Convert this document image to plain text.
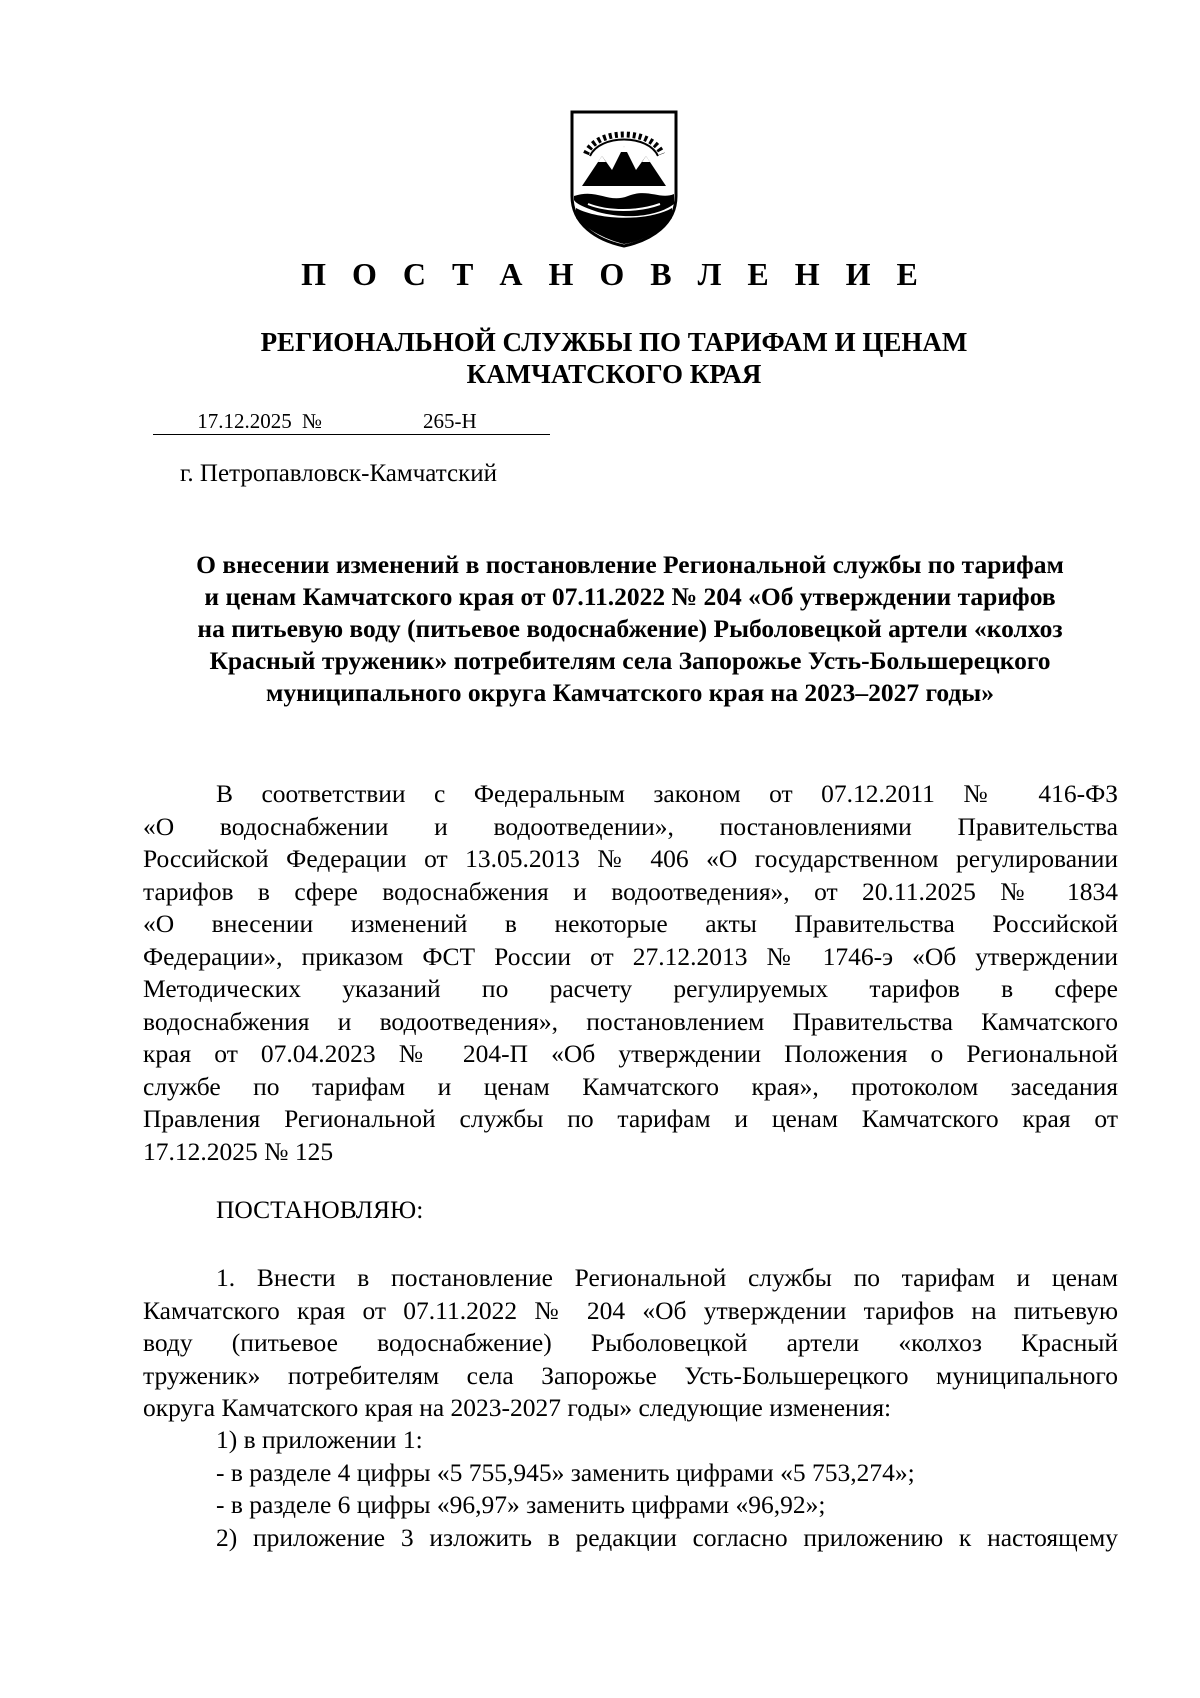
П О С Т А Н О В Л Е Н И Е
РЕГИОНАЛЬНОЙ СЛУЖБЫ ПО ТАРИФАМ И ЦЕНАМ
КАМЧАТСКОГО КРАЯ
17.12.2025 №	265-Н
г. Петропавловск-Камчатский
О внесении изменений в постановление Региональной службы по тарифам
и ценам Камчатского края от 07.11.2022 № 204 «Об утверждении тарифов
на питьевую воду (питьевое водоснабжение) Рыболовецкой артели «колхоз
Красный труженик» потребителям села Запорожье Усть-Большерецкого
муниципального округа Камчатского края на 2023–2027 годы»
В соответствии с Федеральным законом от 07.12.2011 № 416-ФЗ
«О водоснабжении и водоотведении», постановлениями Правительства
Российской Федерации от 13.05.2013 № 406 «О государственном регулировании
тарифов в сфере водоснабжения и водоотведения», от 20.11.2025 № 1834
«О внесении изменений в некоторые акты Правительства Российской
Федерации», приказом ФСТ России от 27.12.2013 № 1746-э «Об утверждении
Методических указаний по расчету регулируемых тарифов в сфере
водоснабжения и водоотведения», постановлением Правительства Камчатского
края от 07.04.2023 № 204-П «Об утверждении Положения о Региональной
службе по тарифам и ценам Камчатского края», протоколом заседания
Правления Региональной службы по тарифам и ценам Камчатского края от
17.12.2025 № 125
ПОСТАНОВЛЯЮ:
1. Внести в постановление Региональной службы по тарифам и ценам
Камчатского края от 07.11.2022 № 204 «Об утверждении тарифов на питьевую
воду (питьевое водоснабжение) Рыболовецкой артели «колхоз Красный
труженик» потребителям села Запорожье Усть-Большерецкого муниципального
округа Камчатского края на 2023-2027 годы» следующие изменения:
1) в приложении 1:
- в разделе 4 цифры «5 755,945» заменить цифрами «5 753,274»;
- в разделе 6 цифры «96,97» заменить цифрами «96,92»;
2) приложение 3 изложить в редакции согласно приложению к настоящему
